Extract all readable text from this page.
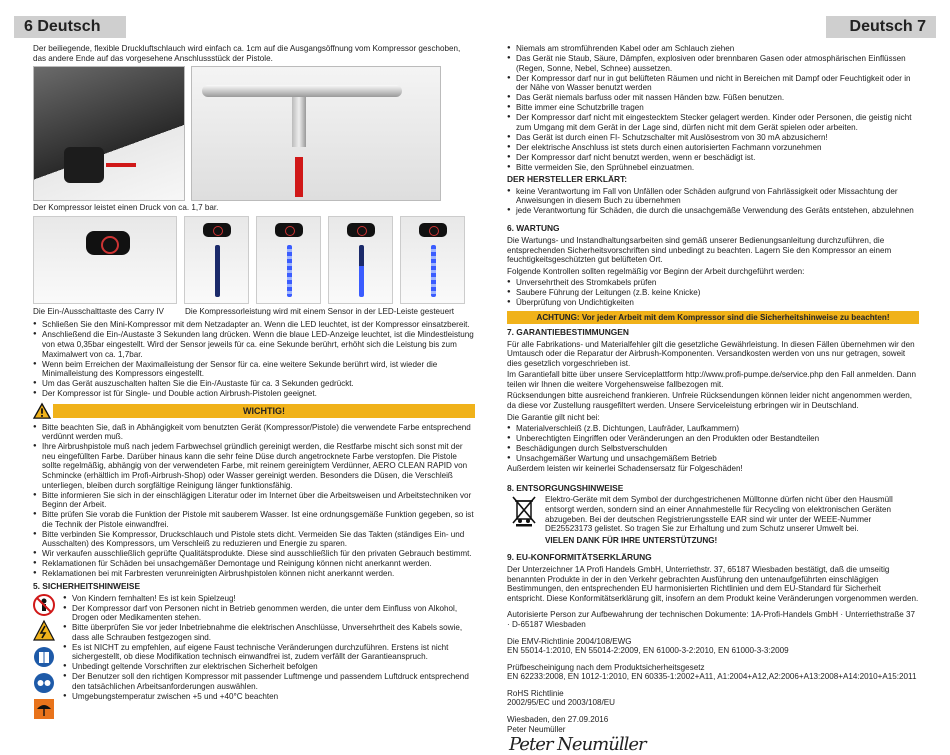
6 Deutsch	Deutsch 7
Der beiliegende, flexible Druckluftschlauch wird einfach ca. 1cm auf die Ausgangsöffnung vom Kompressor geschoben, das andere Ende auf das vorgesehene Anschlussstück der Pistole.
Der Kompressor leistet einen Druck von ca. 1,7 bar.
Die Ein-/Ausschalttaste des Carry IV	Die Kompressorleistung wird mit einem Sensor in der LED-Leiste gesteuert
● Schließen Sie den Mini-Kompressor mit dem Netzadapter an. Wenn die LED leuchtet, ist der Kompressor einsatzbereit.
● Anschließend die Ein-/Austaste 3 Sekunden lang drücken. Wenn die blaue LED-Anzeige leuchtet, ist die Mindestleistung von etwa 0,35bar eingestellt. Wird der Sensor jeweils für ca. eine Sekunde berührt, erhöht sich die Leistung bis zum Maximalwert von ca. 1,7bar.
● Wenn beim Erreichen der Maximalleistung der Sensor für ca. eine weitere Sekunde berührt wird, ist wieder die Minimalleistung des Kompressors eingestellt.
● Um das Gerät auszuschalten halten Sie die Ein-/Austaste für ca. 3 Sekunden gedrückt.
● Der Kompressor ist für Single- und Double action Airbrush-Pistolen geeignet.
WICHTIG!
● Bitte beachten Sie, daß in Abhängigkeit vom benutzten Gerät (Kompressor/Pistole) die verwendete Farbe entsprechend verdünnt werden muß.
● Ihre Airbrushpistole muß nach jedem Farbwechsel gründlich gereinigt werden, die Restfarbe mischt sich sonst mit der neu eingefüllten Farbe. Darüber hinaus kann die sehr feine Düse durch angetrocknete Farbe verstopfen. Die Pistole sollte regelmäßig, abhängig von der verwendeten Farbe, mit reinem gereinigtem Verdünner, AERO CLEAN RAPID von Schmincke (erhältlich im Profi-Airbrush-Shop) oder Wasser gereinigt werden. Besonders die Düsen, die Verschleiß unterliegen, bleiben durch sorgfältige Reinigung länger funktionsfähig.
● Bitte informieren Sie sich in der einschlägigen Literatur oder im Internet über die Arbeitsweisen und Arbeitstechniken vor Beginn der Arbeit.
● Bitte prüfen Sie vorab die Funktion der Pistole mit sauberem Wasser. Ist eine ordnungsgemäße Funktion gegeben, so ist die Technik der Pistole einwandfrei.
● Bitte verbinden Sie Kompressor, Druckschlauch und Pistole stets dicht. Vermeiden Sie das Takten (ständiges Ein- und Ausschalten) des Kompressors, um Verschleiß zu reduzieren und Energie zu sparen.
● Wir verkaufen ausschließlich geprüfte Qualitätsprodukte. Diese sind ausschließlich für den privaten Gebrauch bestimmt.
● Reklamationen für Schäden bei unsachgemäßer Demontage und Reinigung können nicht anerkannt werden.
● Reklamationen bei mit Farbresten verunreinigten Airbrushpistolen können nicht anerkannt werden.
5. SICHERHEITSHINWEISE
● Von Kindern fernhalten! Es ist kein Spielzeug!
● Der Kompressor darf von Personen nicht in Betrieb genommen werden, die unter dem Einfluss von Alkohol, Drogen oder Medikamenten stehen.
● Bitte überprüfen Sie vor jeder Inbetriebnahme die elektrischen Anschlüsse, Unversehrtheit des Kabels sowie, dass alle Schrauben festgezogen sind.
● Es ist NICHT zu empfehlen, auf eigene Faust technische Veränderungen durchzuführen. Erstens ist nicht sichergestellt, ob diese Modifikation technisch einwandfrei ist, zudem verfällt der Garantieanspruch.
● Unbedingt geltende Vorschriften zur elektrischen Sicherheit befolgen
● Der Benutzer soll den richtigen Kompressor mit passender Luftmenge und passendem Luftdruck entsprechend den tatsächlichen Arbeitsanforderungen auswählen.
● Umgebungstemperatur zwischen +5 und +40°C beachten
● Niemals am stromführenden Kabel oder am Schlauch ziehen
● Das Gerät nie Staub, Säure, Dämpfen, explosiven oder brennbaren Gasen oder atmosphärischen Einflüssen (Regen, Sonne, Nebel, Schnee) aussetzen.
● Der Kompressor darf nur in gut belüfteten Räumen und nicht in Bereichen mit Dampf oder Feuchtigkeit oder in der Nähe von Wasser benutzt werden
● Das Gerät niemals barfuss oder mit nassen Händen bzw. Füßen benutzen.
● Bitte immer eine Schutzbrille tragen
● Der Kompressor darf nicht mit eingestecktem Stecker gelagert werden. Kinder oder Personen, die geistig nicht zum Umgang mit dem Gerät in der Lage sind, dürfen nicht mit dem Gerät spielen oder arbeiten.
● Das Gerät ist durch einen FI- Schutzschalter mit Auslösestrom von 30 mA abzusichern!
● Der elektrische Anschluss ist stets durch einen autorisierten Fachmann vorzunehmen
● Der Kompressor darf nicht benutzt werden, wenn er beschädigt ist.
● Bitte vermeiden Sie, den Sprühnebel einzuatmen.
DER HERSTELLER ERKLÄRT:
● keine Verantwortung im Fall von Unfällen oder Schäden aufgrund von Fahrlässigkeit oder Missachtung der Anweisungen in diesem Buch zu übernehmen
● jede Verantwortung für Schäden, die durch die unsachgemäße Verwendung des Geräts entstehen, abzulehnen
6. WARTUNG
Die Wartungs- und Instandhaltungsarbeiten sind gemäß unserer Bedienungsanleitung durchzuführen, die entsprechenden Sicherheitsvorschriften sind unbedingt zu beachten. Lagern Sie den Kompressor an einem feuchtigkeitsgeschützten gut belüfteten Ort.
Folgende Kontrollen sollten regelmäßig vor Beginn der Arbeit durchgeführt werden:
● Unversehrtheit des Stromkabels prüfen
● Saubere Führung der Leitungen (z.B. keine Knicke)
● Überprüfung von Undichtigkeiten
ACHTUNG: Vor jeder Arbeit mit dem Kompressor sind die Sicherheitshinweise zu beachten!
7. GARANTIEBESTIMMUNGEN
Für alle Fabrikations- und Materialfehler gilt die gesetzliche Gewährleistung. In diesen Fällen übernehmen wir den Umtausch oder die Reparatur der Airbrush-Komponenten. Versandkosten werden von uns nur getragen, soweit dies gesetzlich vorgeschrieben ist.
Im Garantiefall bitte über unsere Serviceplattform http://www.profi-pumpe.de/service.php den Fall anmelden. Dann teilen wir Ihnen die weitere Vorgehensweise fallbezogen mit.
Rücksendungen bitte ausreichend frankieren. Unfreie Rücksendungen können leider nicht angenommen werden, da diese vor Zustellung rausgefiltert werden. Unsere Serviceleistung erbringen wir in Deutschland.
Die Garantie gilt nicht bei:
● Materialverschleiß (z.B. Dichtungen, Laufräder, Laufkammern)
● Unberechtigten Eingriffen oder Veränderungen an den Produkten oder Bestandteilen
● Beschädigungen durch Selbstverschulden
● Unsachgemäßer Wartung und unsachgemäßem Betrieb
Außerdem leisten wir keinerlei Schadensersatz für Folgeschäden!
8. ENTSORGUNGSHINWEISE
Elektro-Geräte mit dem Symbol der durchgestrichenen Mülltonne dürfen nicht über den Hausmüll entsorgt werden, sondern sind an einer Annahmestelle für Recycling von elektronischen Geräten abzugeben. Bei der deutschen Registrierungsstelle EAR sind wir unter der WEEE-Nummer DE25523173 gelistet. So tragen Sie zur Erhaltung und zum Schutz unserer Umwelt bei.
VIELEN DANK FÜR IHRE UNTERSTÜTZUNG!
9. EU-KONFORMITÄTSERKLÄRUNG
Der Unterzeichner 1A Profi Handels GmbH, Unterriethstr. 37, 65187 Wiesbaden bestätigt, daß die umseitig benannten Produkte in der in den Verkehr gebrachten Ausführung den untenaufgeführten einschlägigen Bestimmungen, den entsprechenden EU harmonisierten Richtlinien und dem EU-Standard für Sicherheit entspricht. Diese Konformitätserklärung gilt, insofern an dem Produkt keine Veränderungen vorgenommen werden.
Autorisierte Person zur Aufbewahrung der technischen Dokumente: 1A-Profi-Handels GmbH · Unterriethstraße 37 · D-65187 Wiesbaden
Die EMV-Richtlinie 2004/108/EWG
EN 55014-1:2010, EN 55014-2:2009, EN 61000-3-2:2010, EN 61000-3-3:2009
Prüfbescheinigung nach dem Produktsicherheitsgesetz
EN 62233:2008, EN 1012-1:2010, EN 60335-1:2002+A11, A1:2004+A12,A2:2006+A13:2008+A14:2010+A15:2011
RoHS Richtlinie
2002/95/EC und 2003/108/EU
Wiesbaden, den 27.09.2016
Peter Neumüller
Peter Neumüller
